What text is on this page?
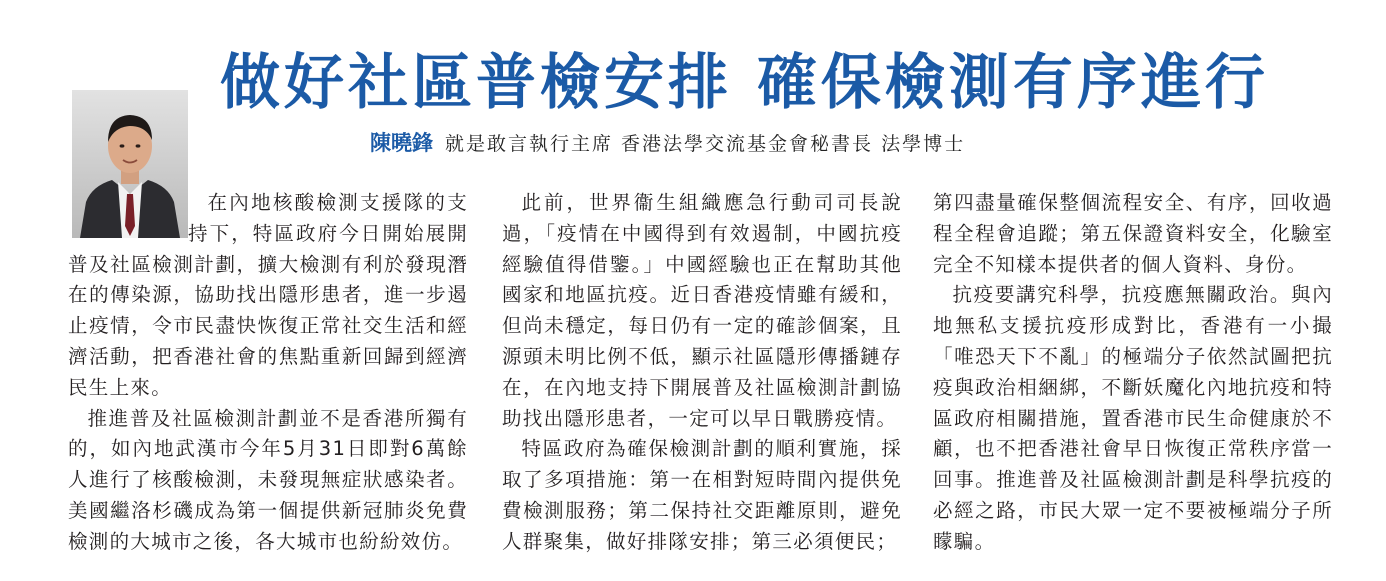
做好社區普檢安排 確保檢測有序進行
陳曉鋒 就是敢言執行主席 香港法學交流基金會秘書長 法學博士

在內地核酸檢測支援隊的支持下，特區政府今日開始展開普及社區檢測計劃，擴大檢測有利於發現潛在的傳染源，協助找出隱形患者，進一步遏止疫情，令市民盡快恢復正常社交生活和經濟活動，把香港社會的焦點重新回歸到經濟民生上來。

推進普及社區檢測計劃並不是香港所獨有的，如內地武漢市今年5月31日即對6萬餘人進行了核酸檢測，未發現無症狀感染者。美國繼洛杉磯成為第一個提供新冠肺炎免費檢測的大城市之後，各大城市也紛紛效仿。

此前，世界衞生組織應急行動司司長說過，「疫情在中國得到有效遏制，中國抗疫經驗值得借鑒。」中國經驗也正在幫助其他國家和地區抗疫。近日香港疫情雖有緩和，但尚未穩定，每日仍有一定的確診個案，且源頭未明比例不低，顯示社區隱形傳播鏈存在，在內地支持下開展普及社區檢測計劃協助找出隱形患者，一定可以早日戰勝疫情。

特區政府為確保檢測計劃的順利實施，採取了多項措施：第一在相對短時間內提供免費檢測服務；第二保持社交距離原則，避免人群聚集，做好排隊安排；第三必須便民；

第四盡量確保整個流程安全、有序，回收過程全程會追蹤；第五保證資料安全，化驗室完全不知樣本提供者的個人資料、身份。

抗疫要講究科學，抗疫應無關政治。與內地無私支援抗疫形成對比，香港有一小撮「唯恐天下不亂」的極端分子依然試圖把抗疫與政治相綑綁，不斷妖魔化內地抗疫和特區政府相關措施，置香港市民生命健康於不顧，也不把香港社會早日恢復正常秩序當一回事。推進普及社區檢測計劃是科學抗疫的必經之路，市民大眾一定不要被極端分子所矇騙。
